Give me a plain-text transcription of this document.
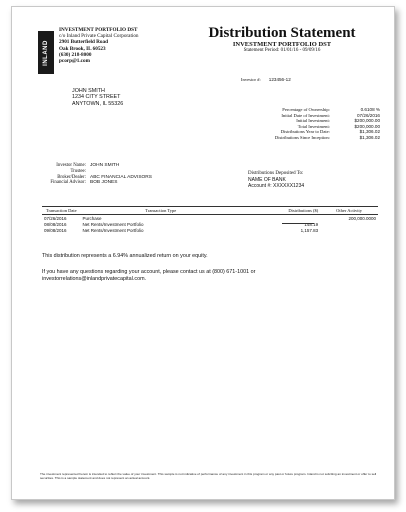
INLAND
INVESTMENT PORTFOLIO DST
c/o Inland Private Capital Corporation
2901 Butterfield Road
Oak Brook, IL 60523
(630) 218-8000
pcorp@1.com
Distribution Statement
INVESTMENT PORTFOLIO DST
Statement Period: 01/01/16 - 09/09/16
Investor #: 123456-12
JOHN SMITH
1234 CITY STREET
ANYTOWN, IL 55326
Percentage of Ownership:	0.6108 %
Initial Date of Investment:	07/26/2016
Initial Investment:	$200,000.00
Total Investment:	$200,000.00
Distributions Year to Date:	$1,306.02
Distributions Since Inception:	$1,306.02
Investor Name: JOHN SMITH
Trustee:
Broker/Dealer: ABC FINANCIAL ADVISORS
Financial Advisor: BOB JONES
Distributions Deposited To:
NAME OF BANK
Account #: XXXXXX1234
Transaction Date	Transaction Type	Distributions ($)	Other Activity
07/26/2016	Purchase		200,000.0000
08/08/2016	Net Rents/Investment Portfolio	148.19	
09/08/2016	Net Rents/Investment Portfolio	1,157.83	
This distribution represents a 6.94% annualized return on your equity.
If you have any questions regarding your account, please contact us at (800) 671-1001 or investorrelations@inlandprivatecapital.com.
The investment represented herein is intended to reflect the value of your investment. This sample is not indicative of performance of any investment in this program or any past or future program. Inland is not soliciting an investment or offer to sell securities. This is a sample statement and does not represent an actual account.
